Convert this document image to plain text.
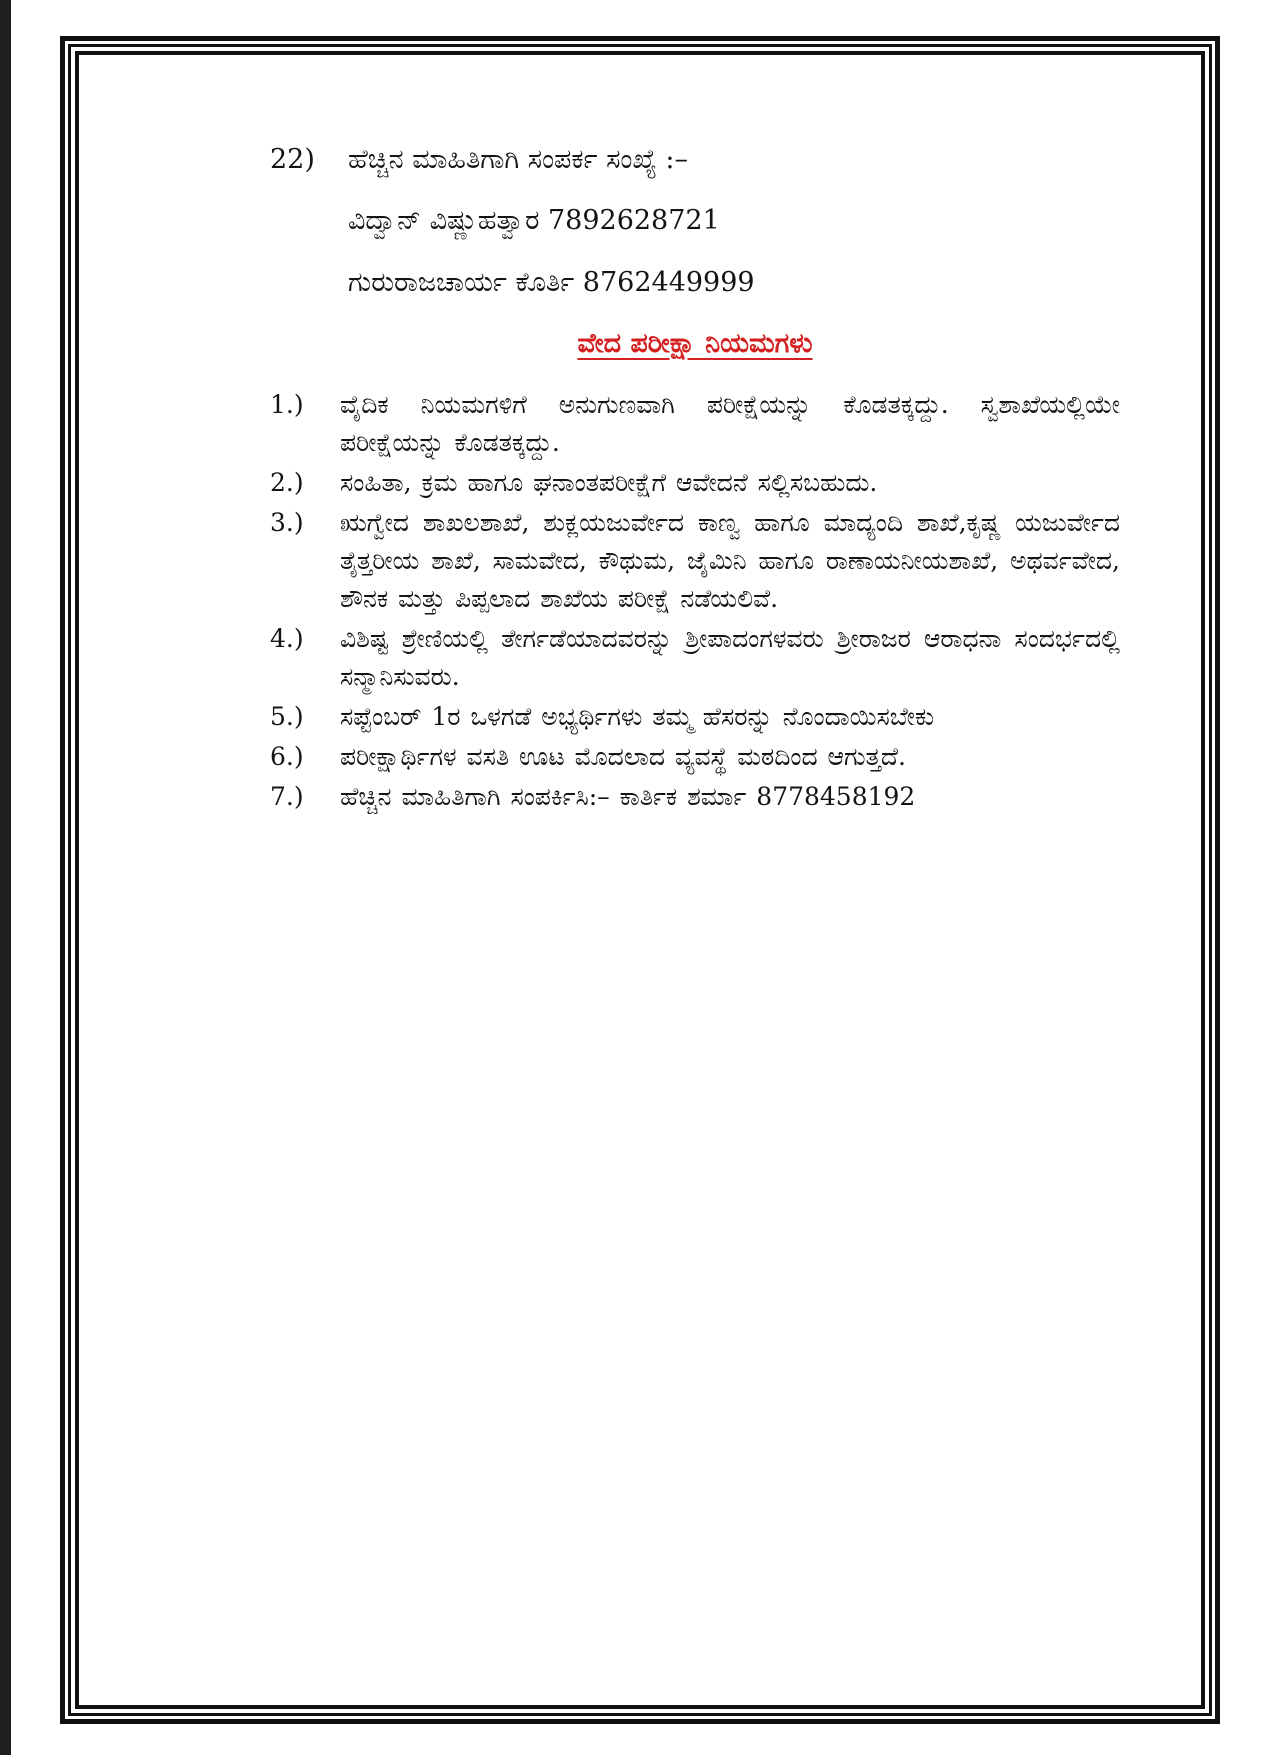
22) ಹೆಚ್ಚಿನ ಮಾಹಿತಿಗಾಗಿ ಸಂಪರ್ಕ ಸಂಖ್ಯೆ :–
ವಿದ್ವಾನ್ ವಿಷ್ಣುಹತ್ವಾರ 7892628721
ಗುರುರಾಜಚಾರ್ಯ ಕೊರ್ತಿ 8762449999
ವೇದ ಪರೀಕ್ಷಾ ನಿಯಮಗಳು
1.)	ವೈದಿಕ ನಿಯಮಗಳಿಗೆ ಅನುಗುಣವಾಗಿ ಪರೀಕ್ಷೆಯನ್ನು ಕೊಡತಕ್ಕದ್ದು. ಸ್ವಶಾಖೆಯಲ್ಲಿಯೇ ಪರೀಕ್ಷೆಯನ್ನು ಕೊಡತಕ್ಕದ್ದು.
2.)	ಸಂಹಿತಾ, ಕ್ರಮ ಹಾಗೂ ಘನಾಂತಪರೀಕ್ಷೆಗೆ ಆವೇದನೆ ಸಲ್ಲಿಸಬಹುದು.
3.)	ಋಗ್ವೇದ ಶಾಖಲಶಾಖೆ, ಶುಕ್ಲಯಜುರ್ವೇದ ಕಾಣ್ವ ಹಾಗೂ ಮಾದ್ಯಂದಿ ಶಾಖೆ,ಕೃಷ್ಣ ಯಜುರ್ವೇದ ತೈತ್ತರೀಯ ಶಾಖೆ, ಸಾಮವೇದ, ಕೌಥುಮ, ಜೈಮಿನಿ ಹಾಗೂ ರಾಣಾಯನೀಯಶಾಖೆ, ಅಥರ್ವವೇದ, ಶೌನಕ ಮತ್ತು ಪಿಪ್ಪಲಾದ ಶಾಖೆಯ ಪರೀಕ್ಷೆ ನಡೆಯಲಿವೆ.
4.)	ವಿಶಿಷ್ಟ ಶ್ರೇಣಿಯಲ್ಲಿ ತೇರ್ಗಡೆಯಾದವರನ್ನು ಶ್ರೀಪಾದಂಗಳವರು ಶ್ರೀರಾಜರ ಆರಾಧನಾ ಸಂದರ್ಭದಲ್ಲಿ ಸನ್ಮಾನಿಸುವರು.
5.)	ಸಪ್ಟೆಂಬರ್ 1ರ ಒಳಗಡೆ ಅಭ್ಯರ್ಥಿಗಳು ತಮ್ಮ ಹೆಸರನ್ನು ನೊಂದಾಯಿಸಬೇಕು
6.)	ಪರೀಕ್ಷಾರ್ಥಿಗಳ ವಸತಿ ಊಟ ಮೊದಲಾದ ವ್ಯವಸ್ಥೆ ಮಠದಿಂದ ಆಗುತ್ತದೆ.
7.)	ಹೆಚ್ಚಿನ ಮಾಹಿತಿಗಾಗಿ ಸಂಪರ್ಕಿಸಿ:– ಕಾರ್ತಿಕ ಶರ್ಮಾ 8778458192
